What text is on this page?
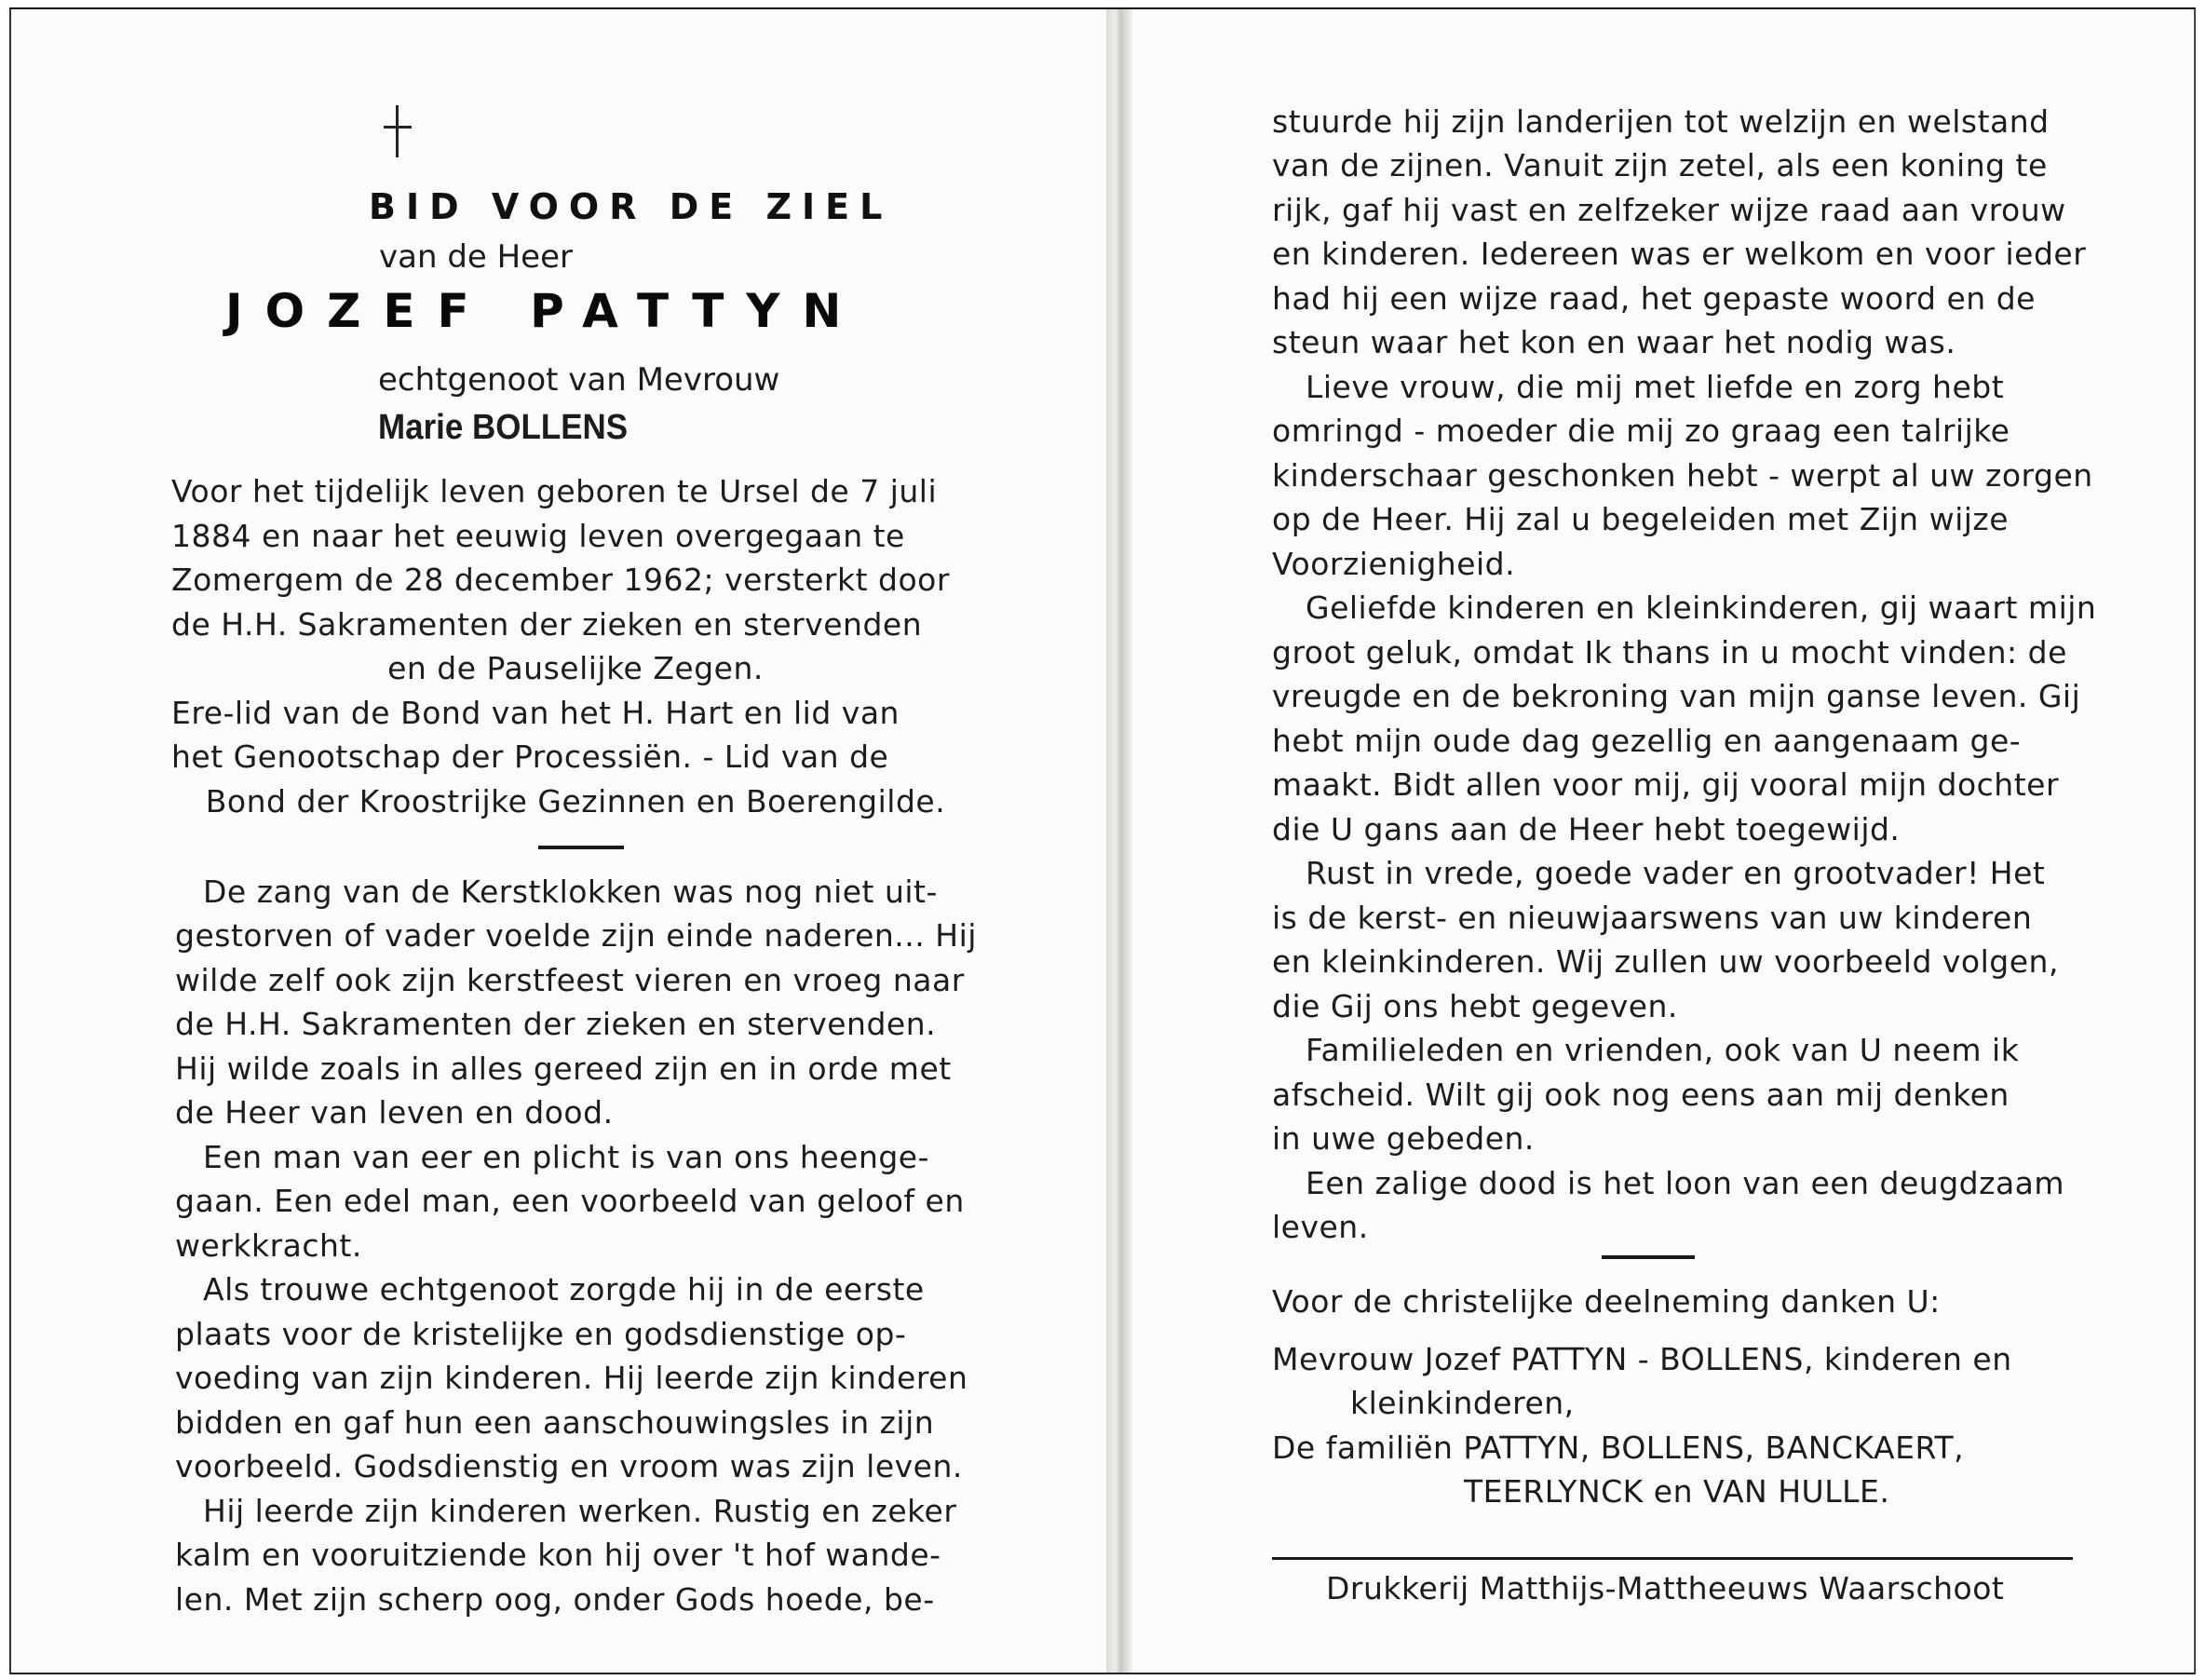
BID VOOR DE ZIEL
van de Heer
JOZEF PATTYN
echtgenoot van Mevrouw
Marie BOLLENS

Voor het tijdelijk leven geboren te Ursel de 7 juli

1884 en naar het eeuwig leven overgegaan te

Zomergem de 28 december 1962; versterkt door

de H.H. Sakramenten der zieken en stervenden

en de Pauselijke Zegen.

Ere-lid van de Bond van het H. Hart en lid van

het Genootschap der Processiën. - Lid van de

Bond der Kroostrijke Gezinnen en Boerengilde.

De zang van de Kerstklokken was nog niet uit-

gestorven of vader voelde zijn einde naderen... Hij

wilde zelf ook zijn kerstfeest vieren en vroeg naar

de H.H. Sakramenten der zieken en stervenden.

Hij wilde zoals in alles gereed zijn en in orde met

de Heer van leven en dood.

Een man van eer en plicht is van ons heengе-

gaan. Een edel man, een voorbeeld van geloof en

werkkracht.

Als trouwe echtgenoot zorgde hij in de eerste

plaats voor de kristelijke en godsdienstige op-

voeding van zijn kinderen. Hij leerde zijn kinderen

bidden en gaf hun een aanschouwingsles in zijn

voorbeeld. Godsdienstig en vroom was zijn leven.

Hij leerde zijn kinderen werken. Rustig en zeker

kalm en vooruitziende kon hij over 't hof wande-

len. Met zijn scherp oog, onder Gods hoede, be-

stuurde hij zijn landerijen tot welzijn en welstand

van de zijnen. Vanuit zijn zetel, als een koning te

rijk, gaf hij vast en zelfzeker wijze raad aan vrouw

en kinderen. Iedereen was er welkom en voor ieder

had hij een wijze raad, het gepaste woord en de

steun waar het kon en waar het nodig was.

Lieve vrouw, die mij met liefde en zorg hebt

omringd - moeder die mij zo graag een talrijke

kinderschaar geschonken hebt - werpt al uw zorgen

op de Heer. Hij zal u begeleiden met Zijn wijze

Voorzienigheid.

Geliefde kinderen en kleinkinderen, gij waart mijn

groot geluk, omdat Ik thans in u mocht vinden: de

vreugde en de bekroning van mijn ganse leven. Gij

hebt mijn oude dag gezellig en aangenaam ge-

maakt. Bidt allen voor mij, gij vooral mijn dochter

die U gans aan de Heer hebt toegewijd.

Rust in vrede, goede vader en grootvader! Het

is de kerst- en nieuwjaarswens van uw kinderen

en kleinkinderen. Wij zullen uw voorbeeld volgen,

die Gij ons hebt gegeven.

Familieleden en vrienden, ook van U neem ik

afscheid. Wilt gij ook nog eens aan mij denken

in uwe gebeden.

Een zalige dood is het loon van een deugdzaam

leven.

Voor de christelijke deelneming danken U:

Mevrouw Jozef PATTYN - BOLLENS, kinderen en

kleinkinderen,

De familiën PATTYN, BOLLENS, BANCKAERT,

TEERLYNCK en VAN HULLE.

Drukkerij Matthijs-Mattheeuws Waarschoot
